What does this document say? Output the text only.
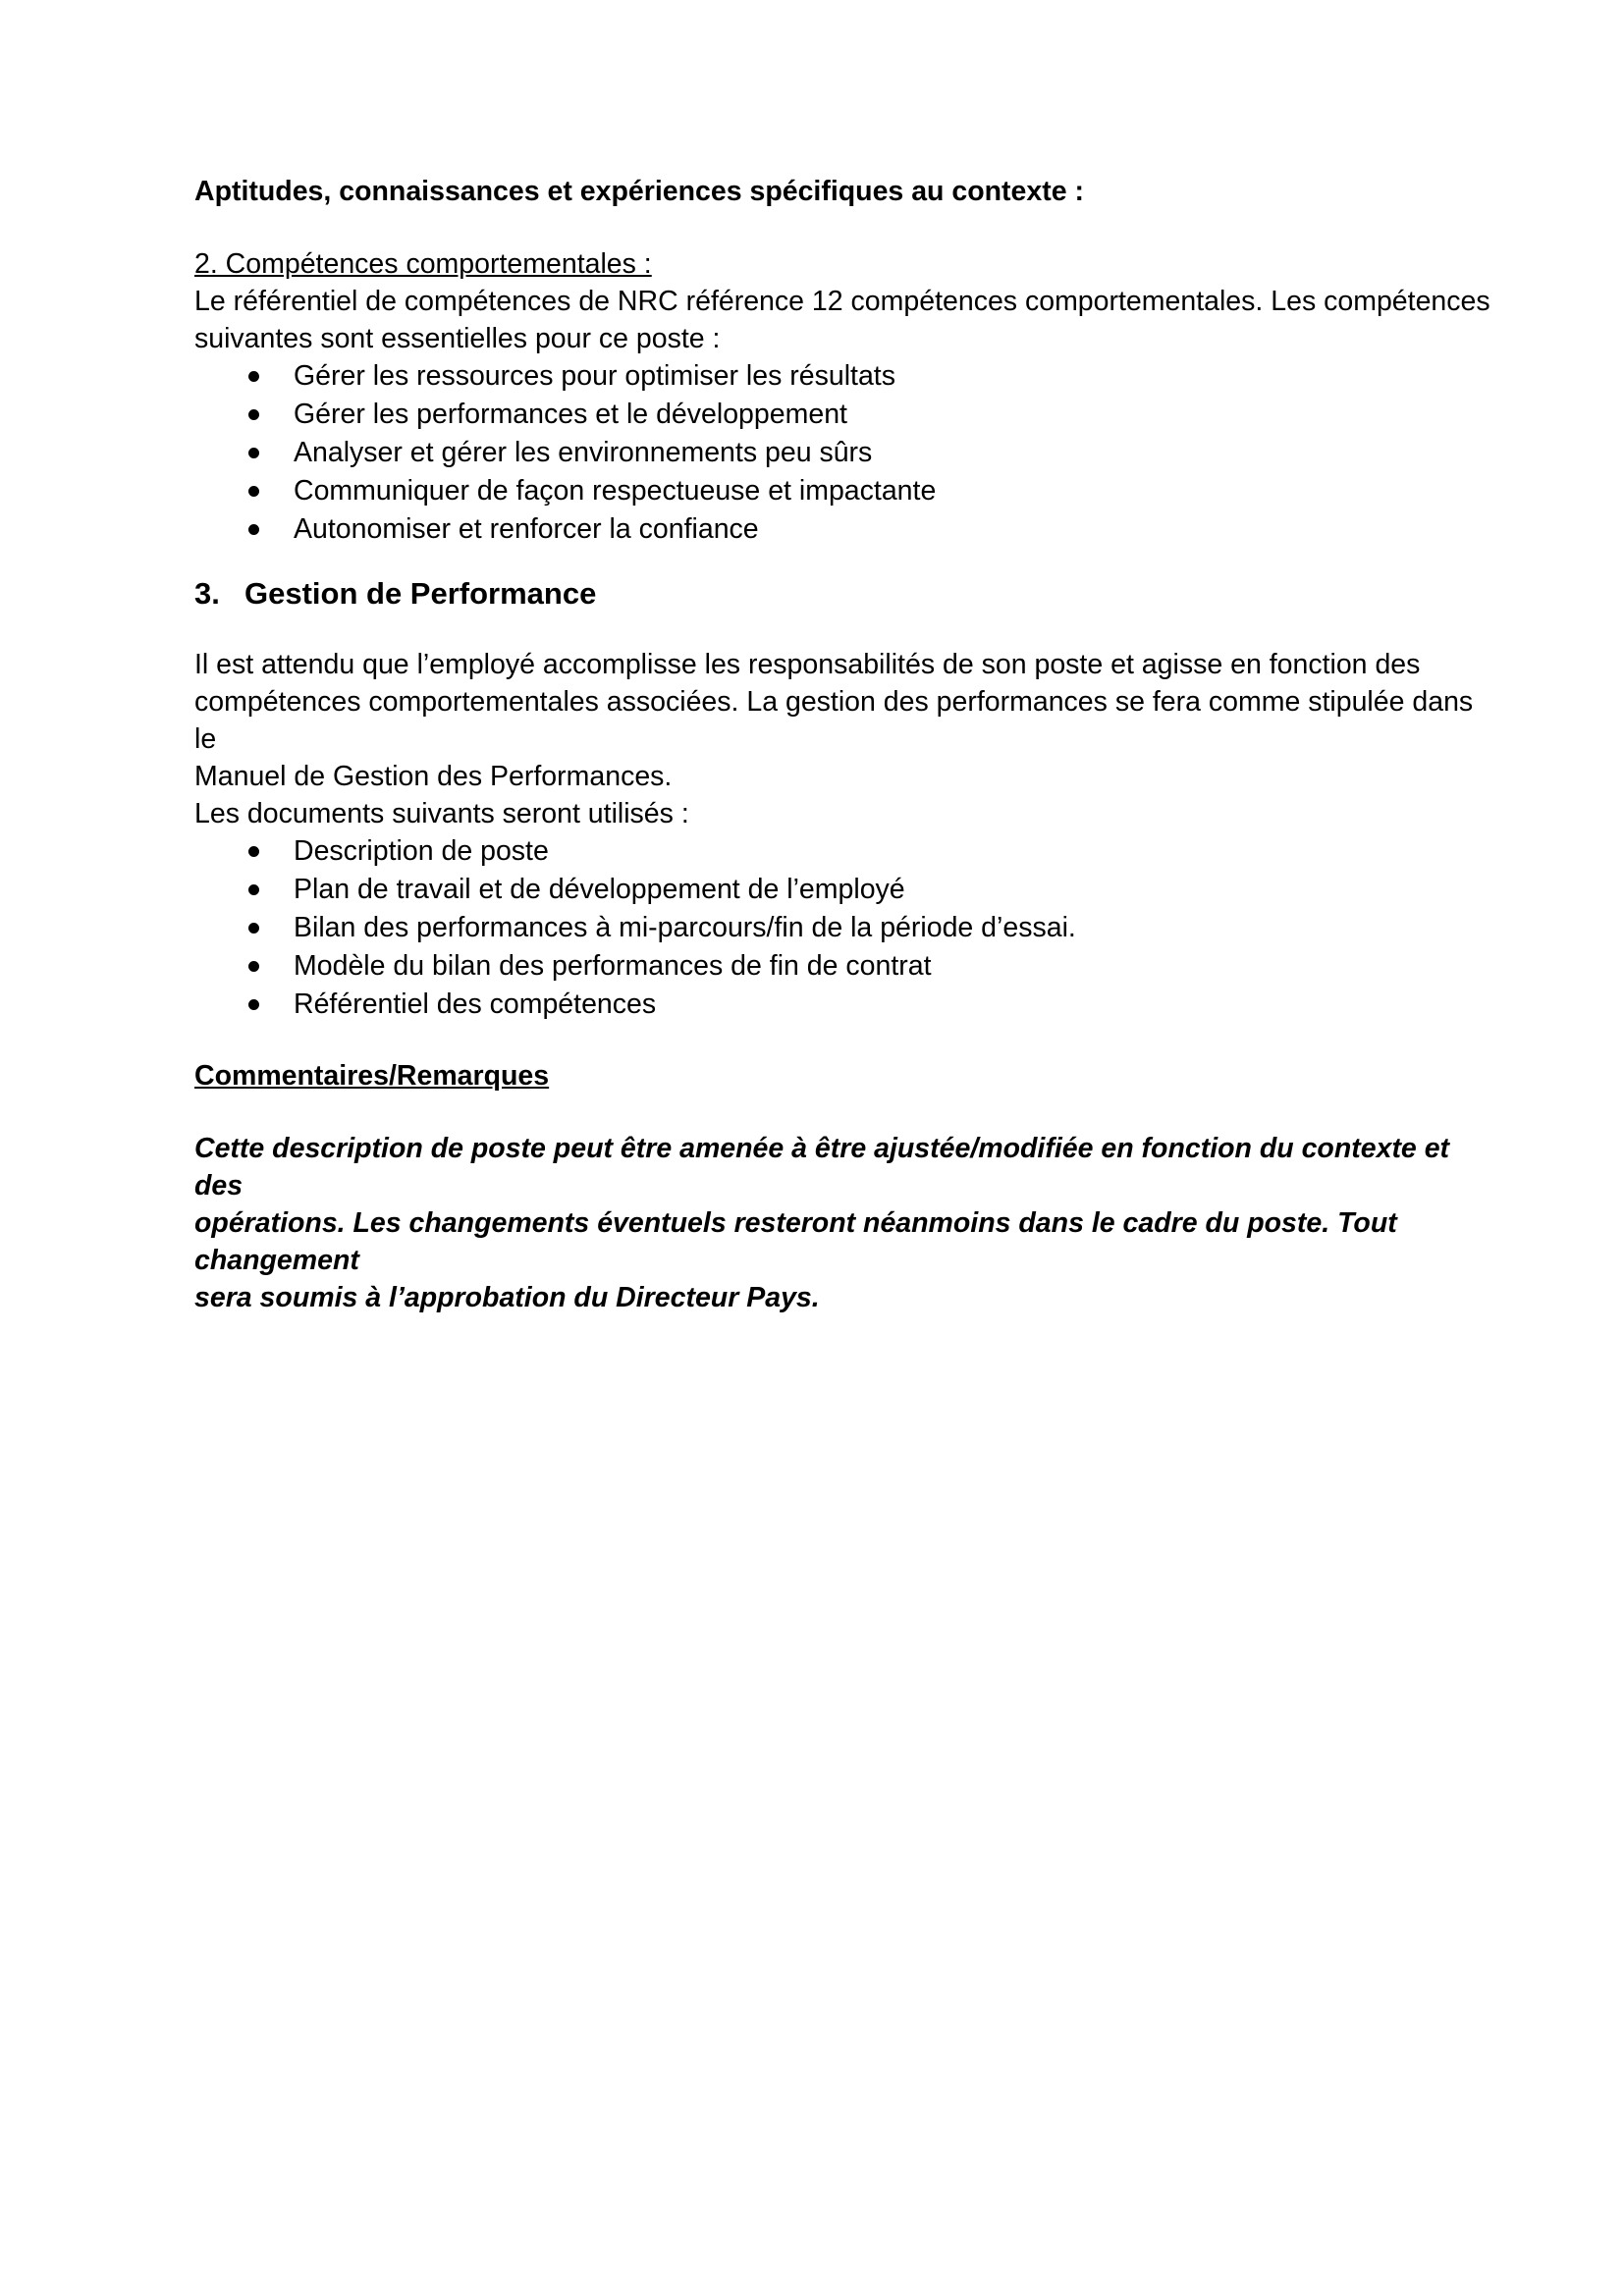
Aptitudes, connaissances et expériences spécifiques au contexte :

2. Compétences comportementales :

Le référentiel de compétences de NRC référence 12 compétences comportementales. Les compétences

suivantes sont essentielles pour ce poste :

Gérer les ressources pour optimiser les résultats
Gérer les performances et le développement
Analyser et gérer les environnements peu sûrs
Communiquer de façon respectueuse et impactante
Autonomiser et renforcer la confiance
3. Gestion de Performance

Il est attendu que l’employé accomplisse les responsabilités de son poste et agisse en fonction des

compétences comportementales associées. La gestion des performances se fera comme stipulée dans le

Manuel de Gestion des Performances.

Les documents suivants seront utilisés :

Description de poste
Plan de travail et de développement de l’employé
Bilan des performances à mi-parcours/fin de la période d’essai.
Modèle du bilan des performances de fin de contrat
Référentiel des compétences

Commentaires/Remarques

Cette description de poste peut être amenée à être ajustée/modifiée en fonction du contexte et des

opérations. Les changements éventuels resteront néanmoins dans le cadre du poste. Tout changement

sera soumis à l’approbation du Directeur Pays.
